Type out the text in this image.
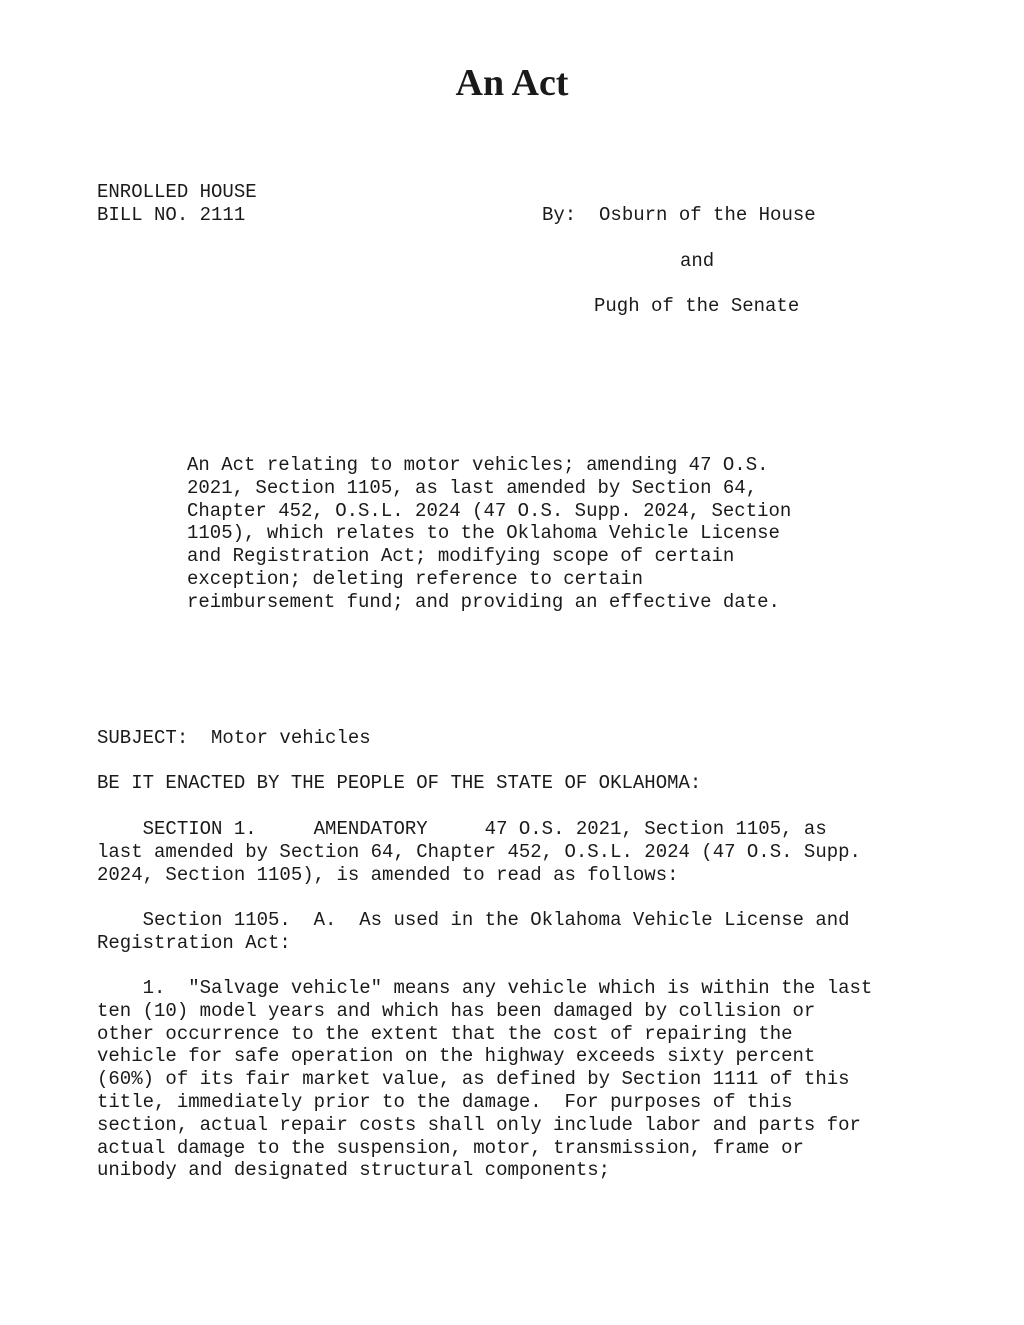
An Act

ENROLLED HOUSE

BILL NO. 2111	By: Osburn of the House

and

Pugh of the Senate

An Act relating to motor vehicles; amending 47 O.S.

2021, Section 1105, as last amended by Section 64,

Chapter 452, O.S.L. 2024 (47 O.S. Supp. 2024, Section

1105), which relates to the Oklahoma Vehicle License

and Registration Act; modifying scope of certain

exception; deleting reference to certain

reimbursement fund; and providing an effective date.

SUBJECT:  Motor vehicles

BE IT ENACTED BY THE PEOPLE OF THE STATE OF OKLAHOMA:

SECTION 1.     AMENDATORY     47 O.S. 2021, Section 1105, as

last amended by Section 64, Chapter 452, O.S.L. 2024 (47 O.S. Supp.

2024, Section 1105), is amended to read as follows:

Section 1105.  A.  As used in the Oklahoma Vehicle License and

Registration Act:

1.  "Salvage vehicle" means any vehicle which is within the last

ten (10) model years and which has been damaged by collision or

other occurrence to the extent that the cost of repairing the

vehicle for safe operation on the highway exceeds sixty percent

(60%) of its fair market value, as defined by Section 1111 of this

title, immediately prior to the damage.  For purposes of this

section, actual repair costs shall only include labor and parts for

actual damage to the suspension, motor, transmission, frame or

unibody and designated structural components;
